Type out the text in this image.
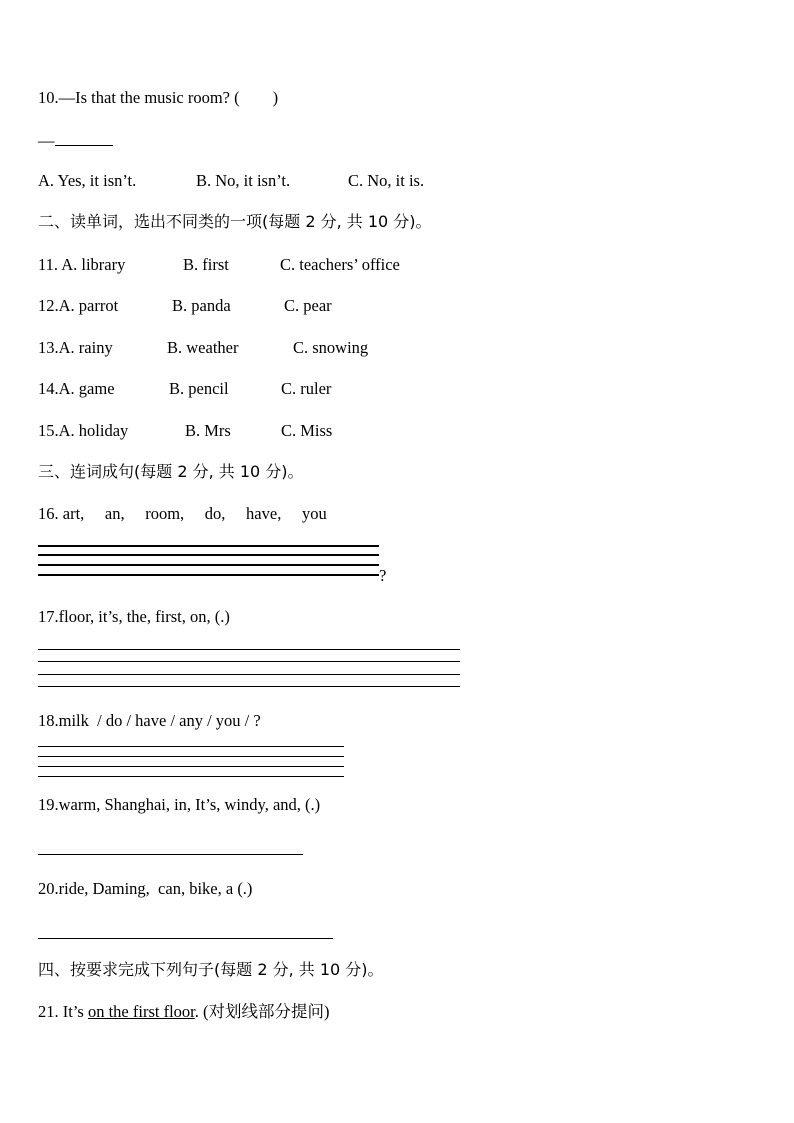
10.—Is that the music room? (        )
—
A. Yes, it isn’t.	B. No, it isn’t.	C. No, it is.
二、读单词，选出不同类的一项(每题 2 分, 共 10 分)。
11. A. library	B. first	C. teachers’ office
12.A. parrot	B. panda	C. pear
13.A. rainy	B. weather	C. snowing
14.A. game	B. pencil	C. ruler
15.A. holiday	B. Mrs	C. Miss
三、连词成句(每题 2 分, 共 10 分)。
16. art,     an,     room,     do,     have,     you
?
17.floor, it’s, the, first, on, (.)
18.milk  / do / have / any / you / ?
19.warm, Shanghai, in, It’s, windy, and, (.)
20.ride, Daming,  can, bike, a (.)
四、按要求完成下列句子(每题 2 分, 共 10 分)。
21. It’s on the first floor. (对划线部分提问)
